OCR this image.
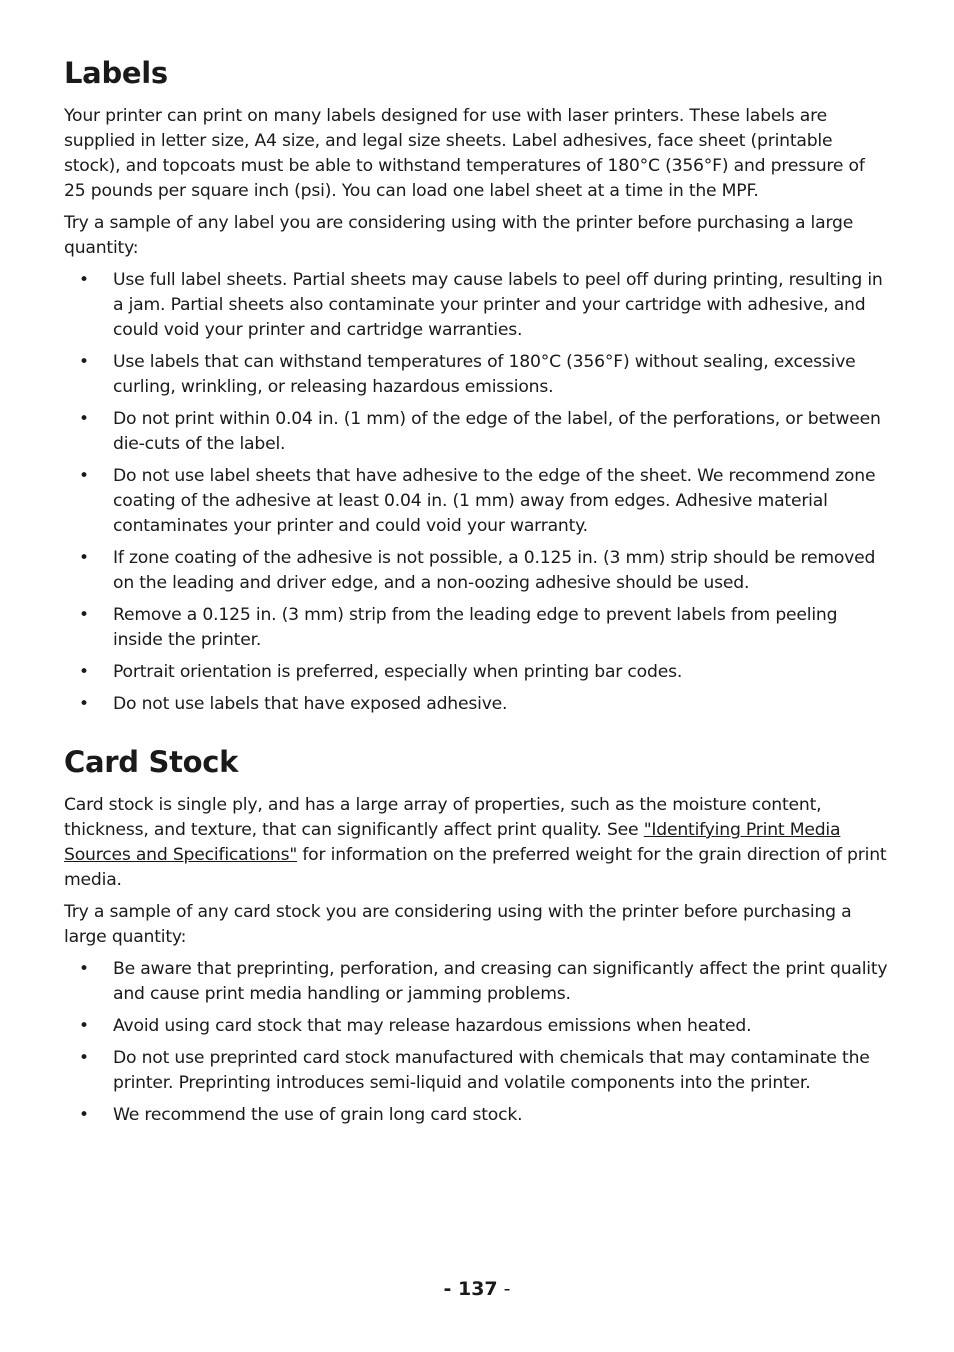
Labels

Your printer can print on many labels designed for use with laser printers. These labels are supplied in letter size, A4 size, and legal size sheets. Label adhesives, face sheet (printable stock), and topcoats must be able to withstand temperatures of 180°C (356°F) and pressure of 25 pounds per square inch (psi). You can load one label sheet at a time in the MPF.

Try a sample of any label you are considering using with the printer before purchasing a large quantity:

• Use full label sheets. Partial sheets may cause labels to peel off during printing, resulting in a jam. Partial sheets also contaminate your printer and your cartridge with adhesive, and could void your printer and cartridge warranties.
• Use labels that can withstand temperatures of 180°C (356°F) without sealing, excessive curling, wrinkling, or releasing hazardous emissions.
• Do not print within 0.04 in. (1 mm) of the edge of the label, of the perforations, or between die-cuts of the label.
• Do not use label sheets that have adhesive to the edge of the sheet. We recommend zone coating of the adhesive at least 0.04 in. (1 mm) away from edges. Adhesive material contaminates your printer and could void your warranty.
• If zone coating of the adhesive is not possible, a 0.125 in. (3 mm) strip should be removed on the leading and driver edge, and a non-oozing adhesive should be used.
• Remove a 0.125 in. (3 mm) strip from the leading edge to prevent labels from peeling inside the printer.
• Portrait orientation is preferred, especially when printing bar codes.
• Do not use labels that have exposed adhesive.
Card Stock

Card stock is single ply, and has a large array of properties, such as the moisture content, thickness, and texture, that can significantly affect print quality. See "Identifying Print Media Sources and Specifications" for information on the preferred weight for the grain direction of print media.

Try a sample of any card stock you are considering using with the printer before purchasing a large quantity:

• Be aware that preprinting, perforation, and creasing can significantly affect the print quality and cause print media handling or jamming problems.
• Avoid using card stock that may release hazardous emissions when heated.
• Do not use preprinted card stock manufactured with chemicals that may contaminate the printer. Preprinting introduces semi-liquid and volatile components into the printer.
• We recommend the use of grain long card stock.
- 137 -
